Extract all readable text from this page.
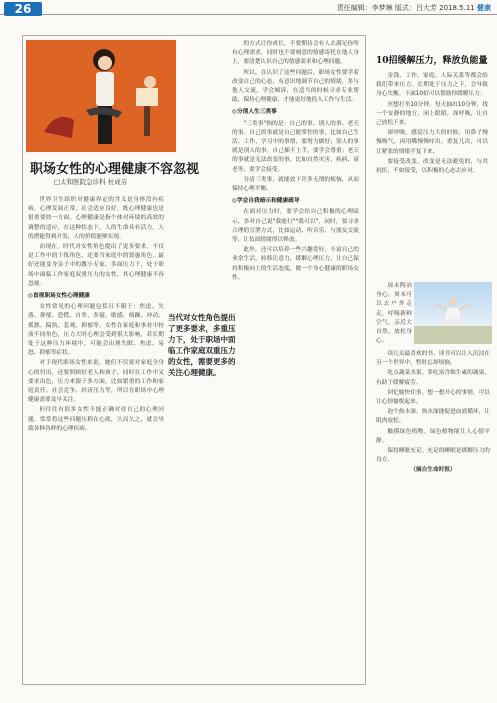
26	责任编辑：李梦琳 版式：吕大芳 2018.5.11 健康
职场女性的心理健康不容忽视
□太和医院急诊科 杜成芬

世界卫生组织对健康界定的含义是身体没有疾病，心理发展正常，社会适应良好，既心理健康也是很重要的一方面。心理健康是指个体对环境的高效的调整的适应，在这种状态下，人的生命具有活力，人的潜能得到开发，人的价值能够实现。

而现在，时代对女性角色提出了更多要求，不仅是工作中的干练角色，还要当家庭中的贤惠角色，最好还能变身亲子中的教小专家。多面压力下，处于职场中面临工作家庭双重压力的女性，其心理健康不容忽视。

◎直视职场女性心理健康

女性常见的心理问题包括且不限于：焦虑、失落、抑郁、恐慌、自卑、多疑、敏感、烦躁、冲动、孤独、偏执、悲观、抑郁等。女性在家庭和事业中扮演不同角色，压力大时心理会受到很大影响，若长期处于这种压力环境中，可能会出现失眠、焦虑、易怒、抑郁等症状。

对于现代职场女性来说，她们不仅要对家庭全身心的付出，还要照顾好老人和孩子，同时在工作中又要求出色，压力来源于多方面，比如繁重的工作和家庭责任、社会竞争、经济压力等，所以在职场中心理健康需要及早关注。

但往往有很多女性不能正确对待自己的心理问题，常常将这些问题压抑在心底，久而久之，就会导致各种各样的心理疾病。

当代对女性角色提出了更多要求，多重压力下，处于职场中面临工作家庭双重压力的女性，需要更多的关注心理健康。

的方式让你成长，不要期待会有人去满足你所有心理需求，同时也不要刻意的情感寄托在他人身上，要清楚认识自己的情感需求和心理问题。

所以，在认识了这些问题后，职场女性要学着改变自己的心态，有意识地调节自己的情绪，多与他人交流，学会倾诉，在适当的时候寻求专业帮助，保持心理健康，才能更好地投入工作与生活。

◎分清人生三类事

"三类事"指的是：自己的事、别人的事、老天的事。自己的事就是自己能掌控的事，比如自己生活、工作、学习中的事情，要努力做好；别人的事就是别人的事，自己插不上手，要学会尊重；老天的事就是无法改变的事，比如自然灾害、疾病、衰老等，要学会接受。

分清三类事，就能放下许多无谓的烦恼，从而保持心理平衡。

◎学会自我暗示和健康疏导

在面对压力时，要学会给自己积极的心理暗示，多对自己说"我能行""我可以"，同时，要寻求合理的宣泄方式，比如运动、听音乐、与朋友交流等，让负面情绪得以释放。

此外，还可以培养一些兴趣爱好，丰富自己的业余生活，转移注意力，缓解心理压力，让自己保持积极向上的生活态度，做一个身心健康的职场女性。

10招缓解压力，释放负能量

金钱、工作、家庭、人际关系等都会给我们带来压力。长期处于压力之下，会导致身心失衡。下面10招可以帮助你缓解压力：

冥想打坐10分钟。每天抽出10分钟，找一个安静的地方，闭上眼睛，深呼吸，让自己放松下来。

深呼吸。感觉压力大的时候，用鼻子慢慢吸气，再用嘴慢慢呼出，重复几次，可以让紧张的情绪平复下来。

要接受改变。改变是无法避免的，与其抗拒，不如接受，以积极的心态去应对。

周末陶冶身心。周末可以去户外走走，呼吸新鲜空气，亲近大自然，放松身心。

读几页最喜欢的书。读书可以让人沉浸在另一个世界中，暂时忘却烦恼。

吃点蔬菜水果。多吃富含维生素的蔬果，有助于缓解疲劳。

回忆愉快往事。想一想开心的事情，可以让心情愉悦起来。

泡个热水澡。热水澡能促进血液循环，让肌肉放松。

触摸绿色植物。绿色植物能让人心情平静。

保持睡眠充足。充足的睡眠是缓解压力的良方。

（摘自生命时报）
